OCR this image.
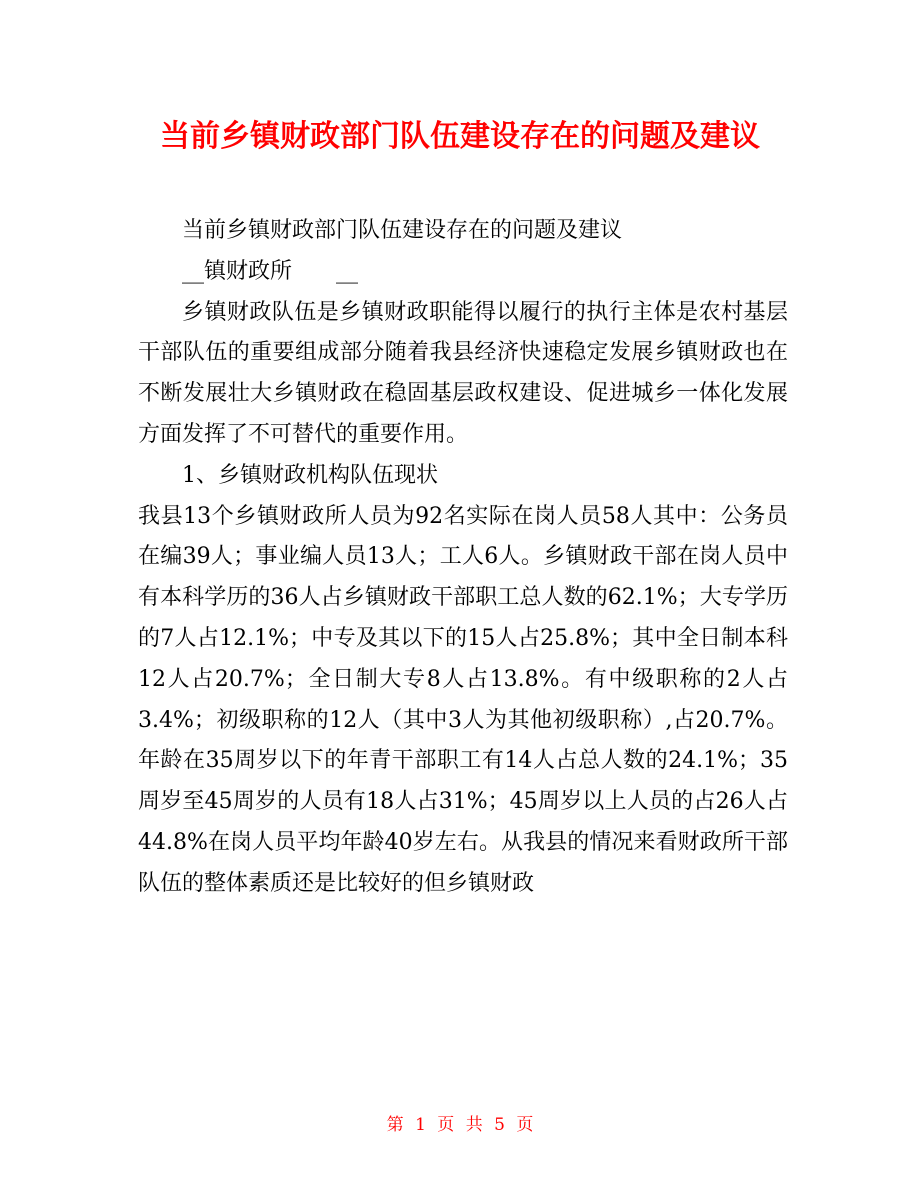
当前乡镇财政部门队伍建设存在的问题及建议

当前乡镇财政部门队伍建设存在的问题及建议

__镇财政所　　__

乡镇财政队伍是乡镇财政职能得以履行的执行主体是农村基层干部队伍的重要组成部分随着我县经济快速稳定发展乡镇财政也在不断发展壮大乡镇财政在稳固基层政权建设、促进城乡一体化发展方面发挥了不可替代的重要作用。

1、乡镇财政机构队伍现状

我县13个乡镇财政所人员为92名实际在岗人员58人其中：公务员在编39人；事业编人员13人；工人6人。乡镇财政干部在岗人员中有本科学历的36人占乡镇财政干部职工总人数的62.1%；大专学历的7人占12.1%；中专及其以下的15人占25.8%；其中全日制本科12人占20.7%；全日制大专8人占13.8%。有中级职称的2人占3.4%；初级职称的12人（其中3人为其他初级职称）,占20.7%。年龄在35周岁以下的年青干部职工有14人占总人数的24.1%；35周岁至45周岁的人员有18人占31%；45周岁以上人员的占26人占44.8%在岗人员平均年龄40岁左右。从我县的情况来看财政所干部队伍的整体素质还是比较好的但乡镇财政

第 1 页 共 5 页
